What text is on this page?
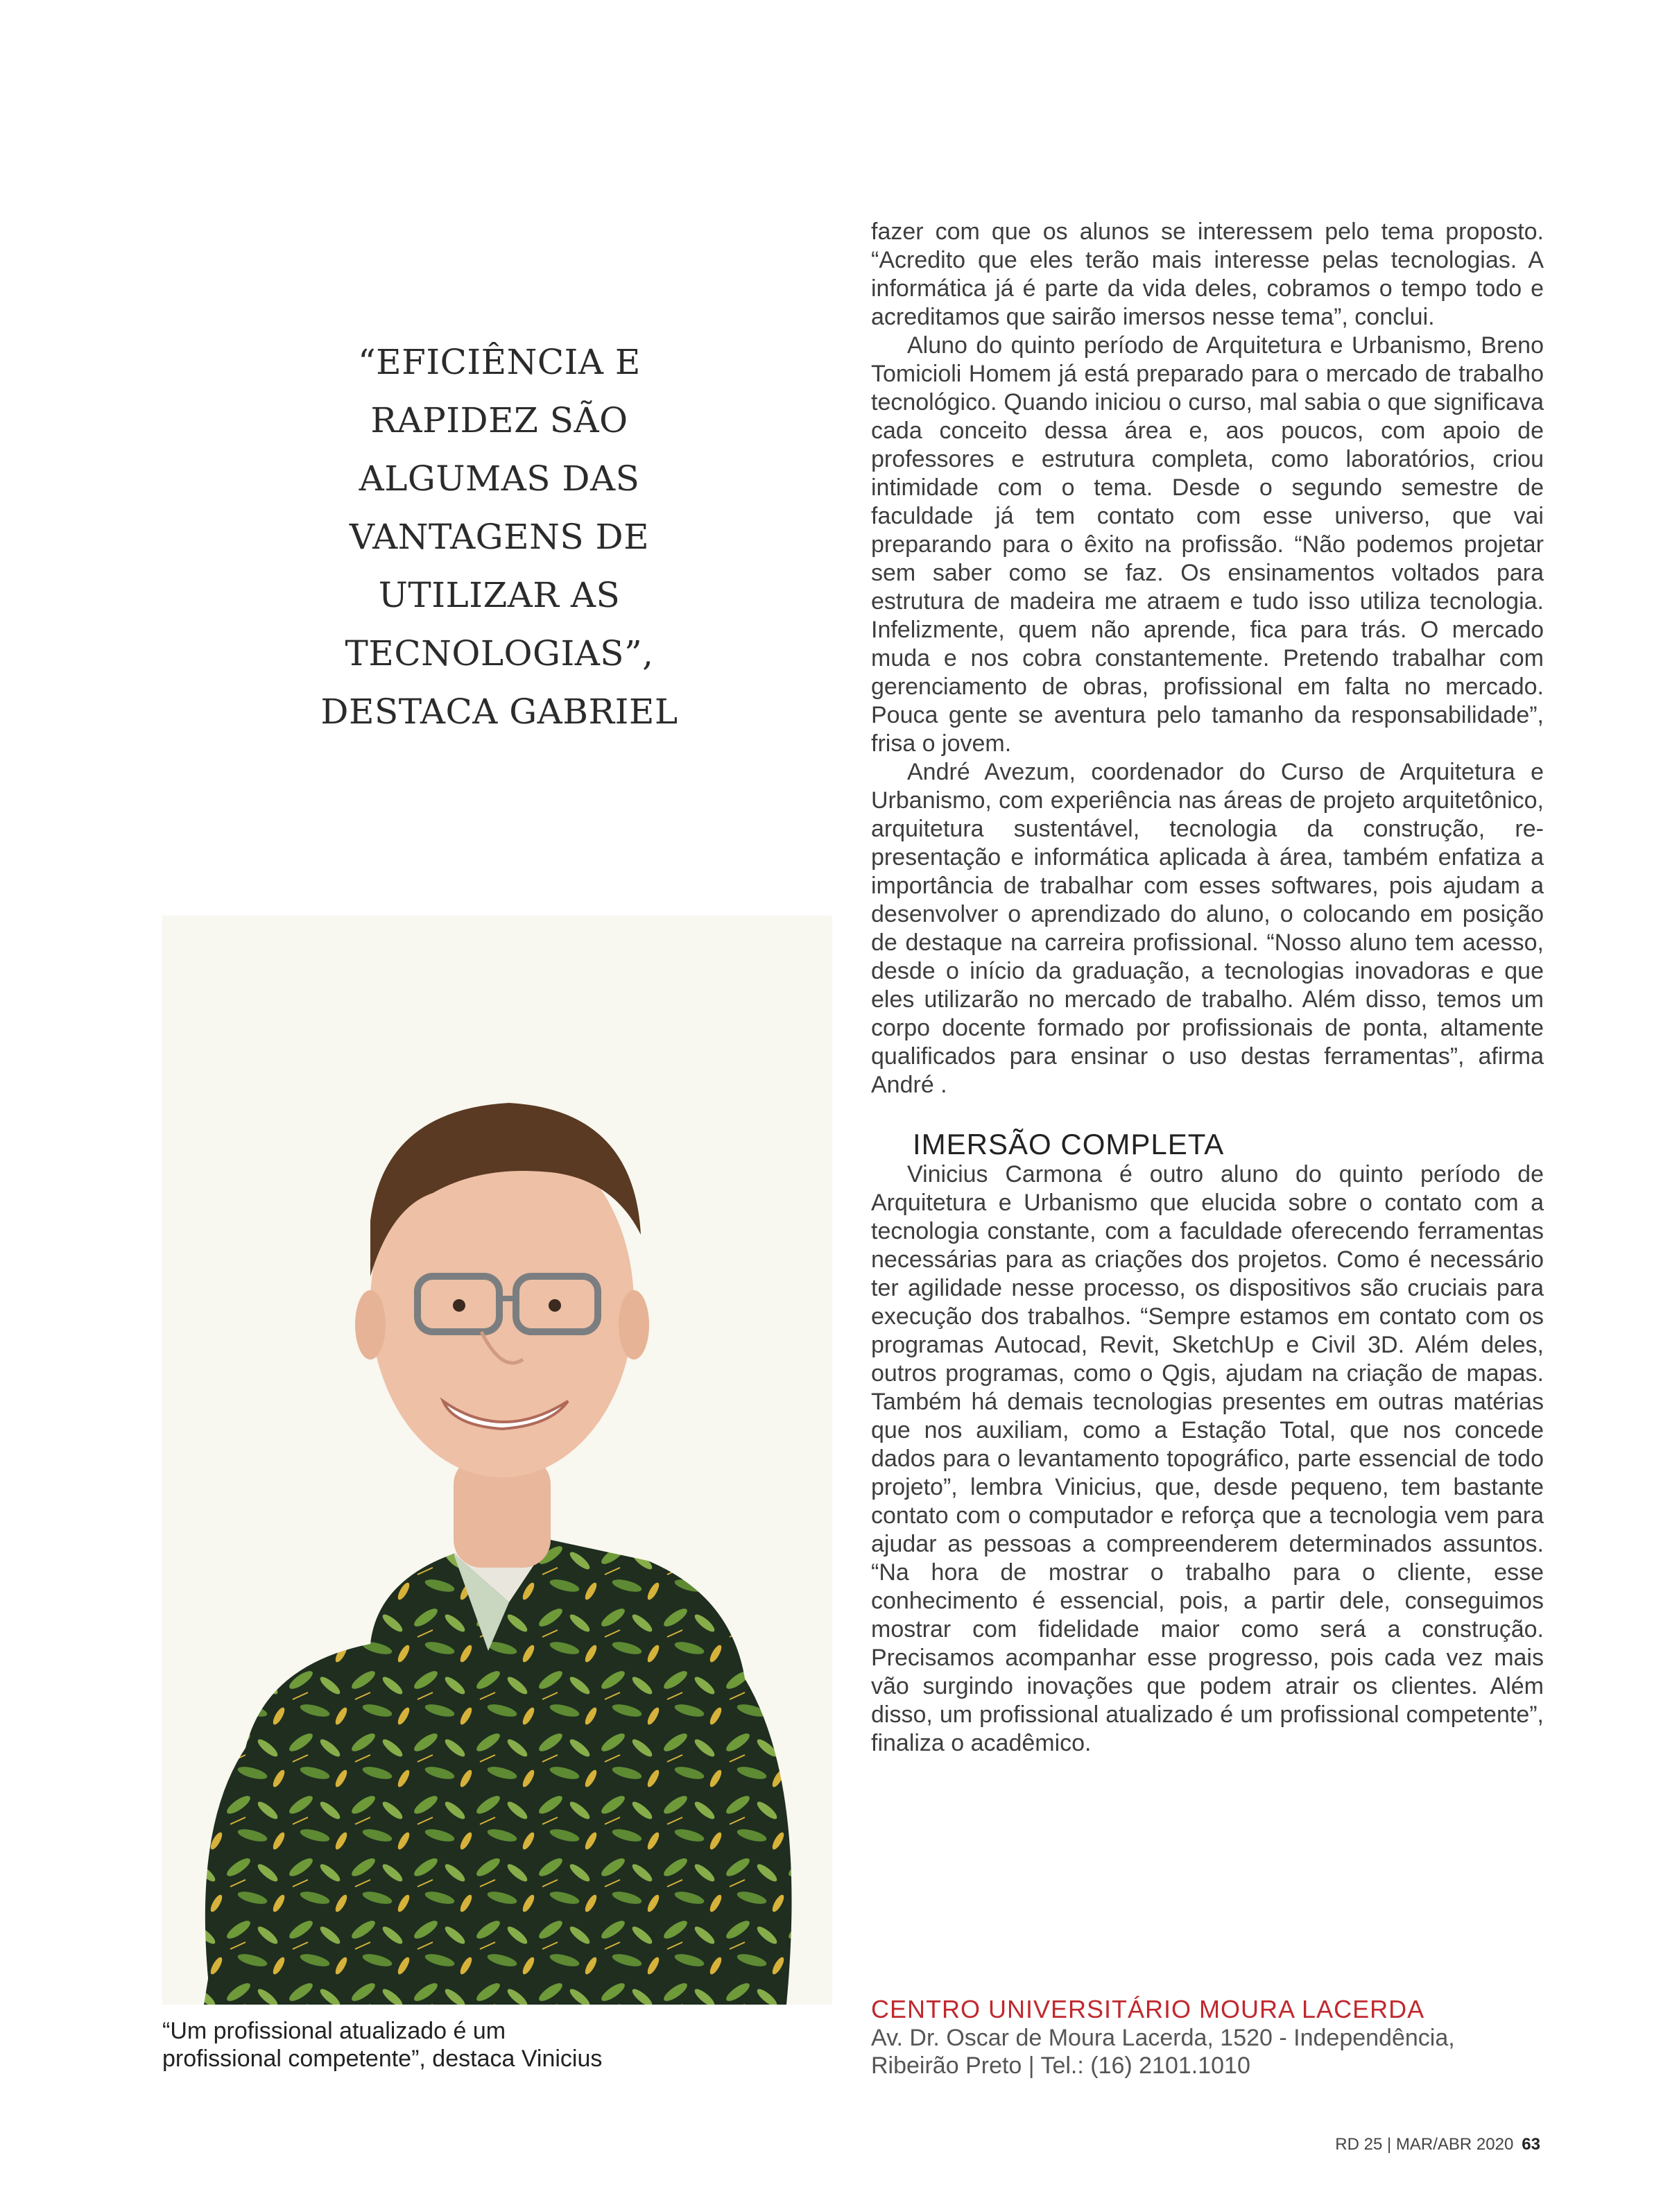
“EFICIÊNCIA E
RAPIDEZ SÃO
ALGUMAS DAS
VANTAGENS DE
UTILIZAR AS
TECNOLOGIAS”,
DESTACA GABRIEL

“Um profissional atualizado é um
profissional competente”, destaca Vinicius

fazer com que os alunos se interessem pelo tema proposto. “Acredito que eles terão mais interesse pelas tecnologias. A informática já é parte da vida deles, cobramos o tempo todo e acreditamos que sairão imersos nesse tema”, conclui.

Aluno do quinto período de Arquitetura e Urbanismo, Breno Tomicioli Homem já está preparado para o mercado de trabalho tecnológico. Quando iniciou o curso, mal sabia o que significava cada conceito dessa área e, aos poucos, com apoio de professores e estrutura completa, como laboratórios, criou intimidade com o tema. Desde o segundo semestre de faculdade já tem contato com esse universo, que vai preparando para o êxito na profissão. “Não podemos projetar sem saber como se faz. Os ensinamentos voltados para estrutura de madeira me atraem e tudo isso utiliza tecnologia. Infelizmente, quem não aprende, fica para trás. O mercado muda e nos cobra constantemente. Pretendo trabalhar com gerenciamento de obras, profissional em falta no mercado. Pouca gente se aventura pelo tamanho da responsabilidade”, frisa o jovem.

André Avezum, coordenador do Curso de Arquitetura e Urbanismo, com experiência nas áreas de projeto arquitetônico, arquitetura sustentável, tecnologia da construção, representação e informática aplicada à área, também enfatiza a importância de trabalhar com esses softwares, pois ajudam a desenvolver o aprendizado do aluno, o colocando em posição de destaque na carreira profissional. “Nosso aluno tem acesso, desde o início da graduação, a tecnologias inovadoras e que eles utilizarão no mercado de trabalho. Além disso, temos um corpo docente formado por profissionais de ponta, altamente qualificados para ensinar o uso destas ferramentas”, afirma André .

IMERSÃO COMPLETA

Vinicius Carmona é outro aluno do quinto período de Arquitetura e Urbanismo que elucida sobre o contato com a tecnologia constante, com a faculdade oferecendo ferramentas necessárias para as criações dos projetos. Como é necessário ter agilidade nesse processo, os dispositivos são cruciais para execução dos trabalhos. “Sempre estamos em contato com os programas Autocad, Revit, SketchUp e Civil 3D. Além deles, outros programas, como o Qgis, ajudam na criação de mapas. Também há demais tecnologias presentes em outras matérias que nos auxiliam, como a Estação Total, que nos concede dados para o levantamento topográfico, parte essencial de todo projeto”, lembra Vinicius, que, desde pequeno, tem bastante contato com o computador e reforça que a tecnologia vem para ajudar as pessoas a compreenderem determinados assuntos. “Na hora de mostrar o trabalho para o cliente, esse conhecimento é essencial, pois, a partir dele, conseguimos mostrar com fidelidade maior como será a construção. Precisamos acompanhar esse progresso, pois cada vez mais vão surgindo inovações que podem atrair os clientes. Além disso, um profissional atualizado é um profissional competente”, finaliza o acadêmico.

CENTRO UNIVERSITÁRIO MOURA LACERDA
Av. Dr. Oscar de Moura Lacerda, 1520 - Independência,
Ribeirão Preto | Tel.: (16) 2101.1010
RD 25 | MAR/ABR 2020 63
